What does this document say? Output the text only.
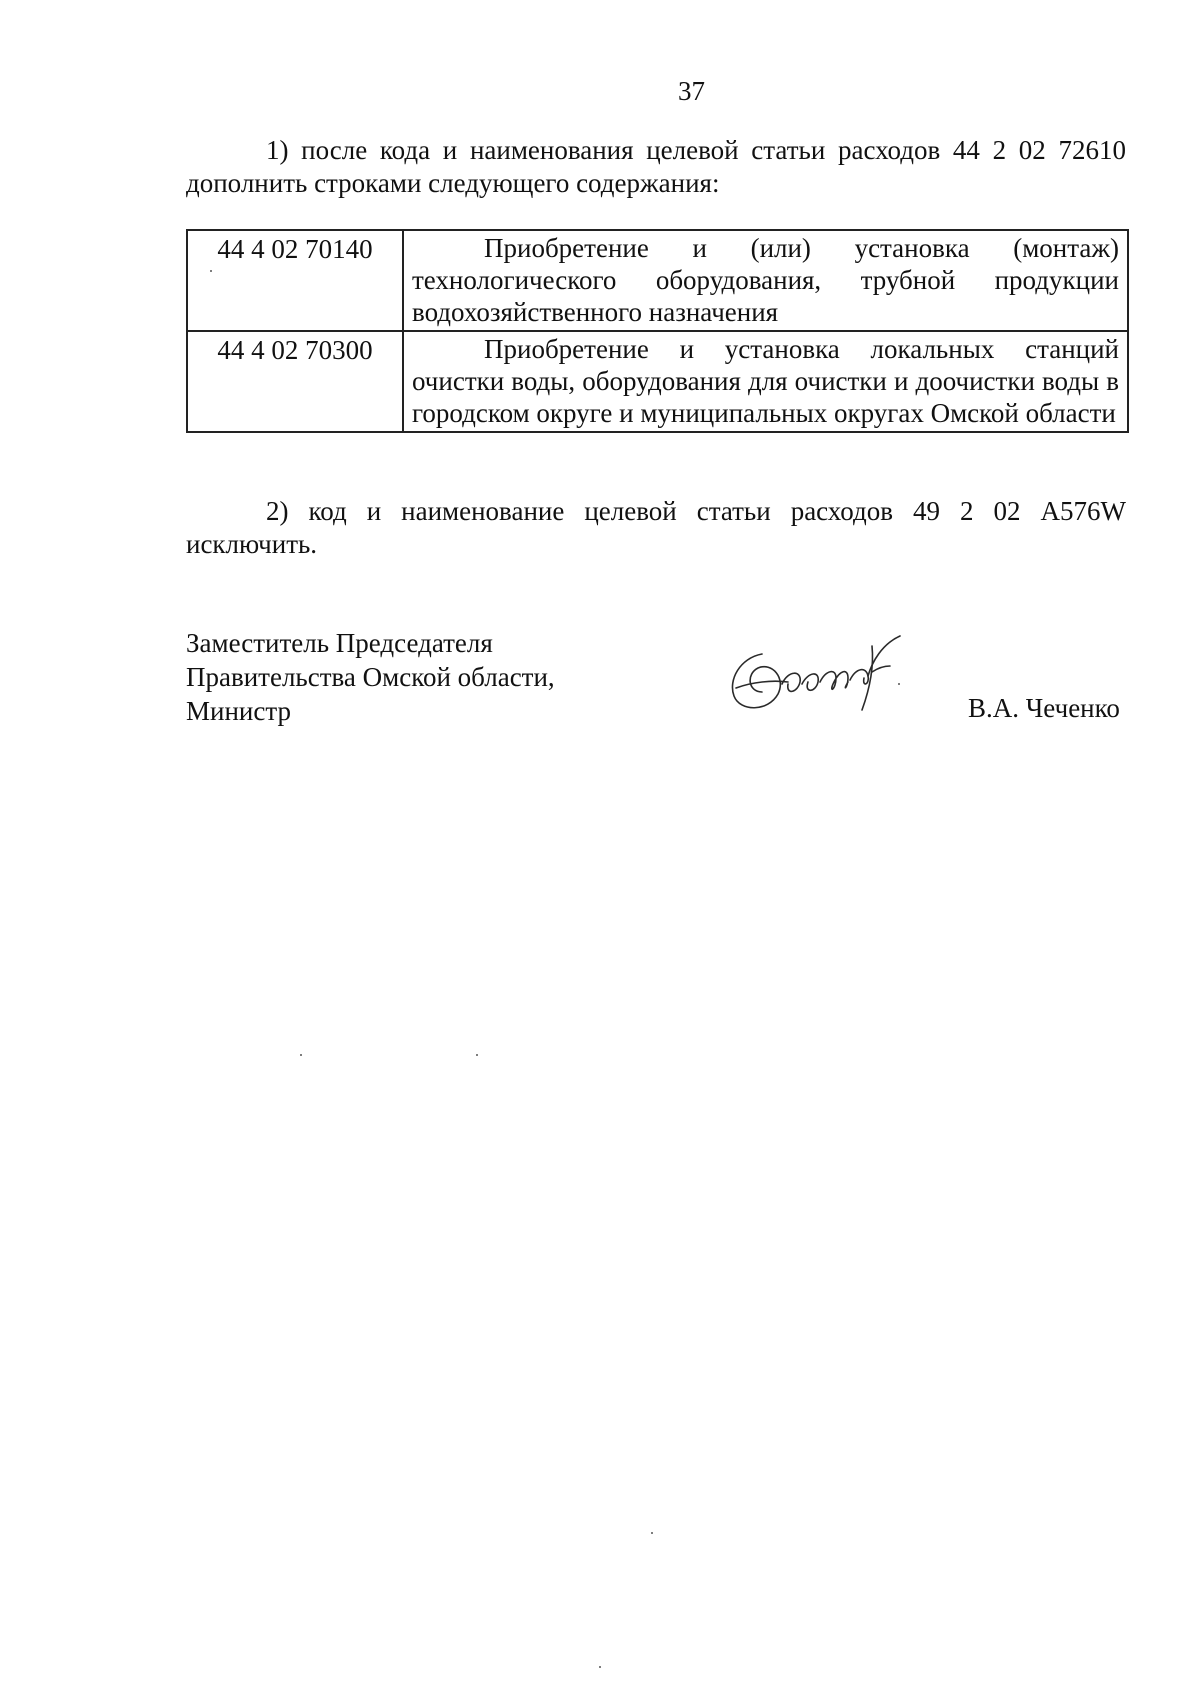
37
1) после кода и наименования целевой статьи расходов 44 2 02 72610 дополнить строками следующего содержания:
44 4 02 70140	Приобретение и (или) установка (монтаж) технологического оборудования, трубной продукции водохозяйственного назначения
44 4 02 70300	Приобретение и установка локальных станций очистки воды, оборудования для очистки и доочистки воды в городском округе и муниципальных округах Омской области
2) код и наименование целевой статьи расходов 49 2 02 А576W исключить.
Заместитель Председателя
Правительства Омской области,
Министр	В.А. Чеченко
